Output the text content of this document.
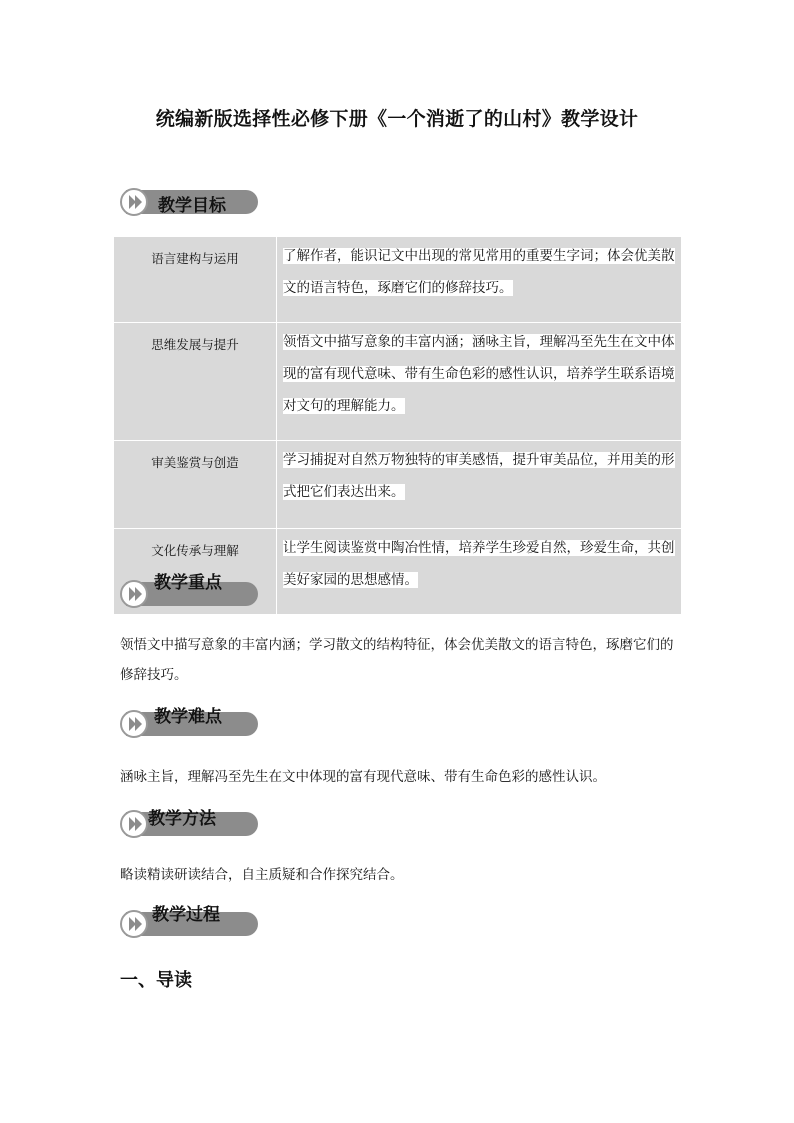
统编新版选择性必修下册《一个消逝了的山村》教学设计
教学目标
语言建构与运用	了解作者，能识记文中出现的常见常用的重要生字词；体会优美散文的语言特色，琢磨它们的修辞技巧。
思维发展与提升	领悟文中描写意象的丰富内涵；涵咏主旨，理解冯至先生在文中体现的富有现代意味、带有生命色彩的感性认识，培养学生联系语境对文句的理解能力。
审美鉴赏与创造	学习捕捉对自然万物独特的审美感悟，提升审美品位，并用美的形式把它们表达出来。
文化传承与理解	让学生阅读鉴赏中陶冶性情，培养学生珍爱自然，珍爱生命，共创美好家园的思想感情。
教学重点
领悟文中描写意象的丰富内涵；学习散文的结构特征，体会优美散文的语言特色，琢磨它们的修辞技巧。
教学难点
涵咏主旨，理解冯至先生在文中体现的富有现代意味、带有生命色彩的感性认识。
教学方法
略读精读研读结合，自主质疑和合作探究结合。
教学过程
一、导读
